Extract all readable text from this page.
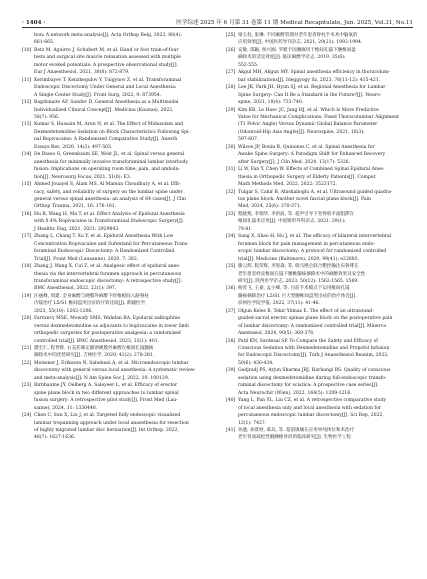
· 1404 ·	医学综述 2025 年 6 月第 31 卷第 11 期 Medical Recapitulate, Jun. 2025, Vol.31, No.11
tion: A network meta-analysis[J]. Acta Orthop Belg, 2022, 88(4):
661-665.
[10] Betz M, Aguirre J, Schubert M, et al. Hand or foot train-of-four
tests and surgical site muscle relaxation assessed with multiple
motor evoked potentials: A prospective observational study[J].
Eur J Anaesthesiol, 2021, 38(8): 872-879.
[11] Kerimbayev T, Kenzhegulov Y, Tuigynov Z, et al. Transforaminal
Endoscopic Discectomy Under General and Local Anesthesia:
A Single-Center Study[J]. Front Surg, 2022, 9: 873954.
[12] Bagdonaite AF, Sandec D. General Anesthesia as a Multimodal
Individualized Clinical Concept[J]. Medicina (Kaunas), 2022,
58(7): 956.
[13] Kumar S, Hussain M, Arun N, et al. The Effect of Midazolam and
Dexmedetomidine Sedation on Block Characteristics Following Spi-
nal Bupivacaine: A Randomized Comparative Study[J]. Anesth
Essays Res, 2020, 14(3): 497-503.
[14] De Basso G, Greenbaum SE, West JL, et al. Spinal versus general
anesthesia for minimally invasive transforaminal lumbar interbody
fusion: Implications on operating room time, pain, and ambula-
tion[J]. Neurosurg Focus, 2021, 51(6): E3.
[15] Ahmed Jouayel S, Alam MS, Al Mamun Choudhury A, et al. Effi-
cacy, safety, and reliability of surgery on the lumbar spine under
general versus spinal anesthesia: an analysis of 64 cases[J]. J Clin
Orthop Trauma, 2021, 16: 176-181.
[16] Hu B, Wang H, Ma T, et al. Effect Analysis of Epidural Anesthesia
with 0.4% Ropivacaine in Transforaminal Endoscopic Surgery[J].
J Healthc Eng, 2021, 2021: 2929843.
[17] Zhang L, Chang T, Xu Y, et al. Epidural Anesthesia With Low
Concentration Ropivacaine and Sufentanil for Percutaneous Trans-
foraminal Endoscopic Discectomy: A Randomized Controlled
Trial[J]. Front Med (Lausanne), 2020, 7: 362.
[18] Zhang J, Wang X, Cui Z, et al. Analgesic effect of epidural anes-
thesia via the intervertebral foramen approach in percutaneous
transforaminal endoscopic discectomy: A retrospective study[J].
BMC Anesthesiol, 2022, 22(1): 397.
[19] 汪丽峰, 周建. 全身麻醉与硬膜外麻醉下经椎板间入路脊柱
内镜治疗 L5/S1 椎间盘突出症的疗效比较[J]. 新疆医学,
2023, 55(10): 1202-1206.
[20] Farrancy MSE, Mowafy SMS, Wahdan RA. Epidural nalbuphine
versus dexmedetomidine as adjuvants to bupivacaine in lower limb
orthopedic surgeries for postoperative analgesia: a randomized
controlled trial[J]. BMC Anesthesiol, 2023, 23(1): 401.
[21] 濮宏仁, 程世辉. 右美托咪定辅助硬膜外麻醉在椎间孔镜髓核
摘除术中的优势研究[J]. 吉林医学, 2020, 41(2): 278-281.
[22] Meissner J, Eriksson N, Sahebani A, et al. Microendoscopic lumbar
discectomy with general versus local anesthesia: A systematic review
and meta-analysis[J]. N Am Spine Soc J, 2022, 10: 100129.
[23] Birnbaume JY, Oelberg A, Saleyeer L, et al. Efficacy of erector
spine plane block in two different approaches to lumbar spinal
fusion surgery: A retrospective pilot study[J]. Front Med (Lau-
sanne), 2024, 11: 1330446.
[24] Chen C, Sun X, Liu J, et al. Targeted fully endoscopic visualized
laminar trepanning approach under local anaesthesia for resection
of highly migrated lumbar disc herniation[J]. Int Orthop, 2022,
46(7): 1627-1636.
[25] 梁玉柱, 张琳. 不同麻醉管理对老年患者脊柱手术术中脑氧的
应用效果[J]. 中国医药导刊杂志, 2021, 29(21): 1992-1994.
[26] 安敏, 邵颖, 侯兴刚. 罗哌卡因腰麻用于椎间孔镜下腰椎间盘
摘除术的适宜效度[J]. 临床麻醉学杂志, 2019, 35(6):
552-555.
[27] Akgul MH, Akgun MY. Spinal anesthesia efficiency in thoracolum-
bar stabilizations[J]. Ideggyogy Sz, 2023, 76(11-12): 415-421.
[28] Lee JK, Park JH, Hyun SJ, et al. Regional Anesthesia for Lumbar
Spine Surgery: Can It Be a Standard in the Future?[J]. Neuro-
spine, 2021, 18(4): 733-740.
[29] Kim KB, Le Huec JC, Jang HJ, et al. Which Is More Predictive
Value for Mechanical Complications: Fixed Thoracolumbar Alignment
(T1 Pelvic Angle) Versus Dynamic Global Balance Parameter
(Odontoid-Hip Axis Angle)[J]. Neurospine, 2021, 18(3):
597-607.
[30] Wilson JP, Bonin B, Quinones C, et al. Spinal Anesthesia for
Awake Spine Surgery: A Paradigm Shift for Enhanced Recovery
after Surgery[J]. J Clin Med, 2024, 13(17): 5326.
[31] Li W, Fan Y, Chen W. Effects of Combined Spinal Epidural Anes-
thesia in Orthopedic Surgery of Elderly Patients[J]. Comput
Math Methods Med, 2022, 2022: 3523172.
[32] Tulgar S, Cakir B, Ahiskalioglu A, et al. Ultrasound guided quadra-
tus plane block: Another novel fascial plane block[J]. Pain
Med, 2024, 25(6): 370-371.
[33] 程晓燕, 李瑞华, 李洪波, 等. 超声引导下竖脊肌平面阻滞在
椎间孔镜术应用[J]. 中国矫形外科杂志, 2021, 29(1):
79-81.
[34] Sang X, Shao H, Hu J, et al. The efficacy of bilateral intervertebral
foramen block for pain management in percutaneous endo-
scopic lumbar discectomy: A protocol for randomized controlled
trial[J]. Medicine (Baltimore), 2020, 99(41): e22693.
[35] 滕云辉, 程荣辉, 李进森, 等. 瑞马唑仑联合靶控输注布鲁啡在
老年患者经皮椎间孔镜下腰椎髓核摘除术中的麻醉效果及安全性
研究[J]. 陕西医学杂志, 2023, 50(12): 1562-1565, 1569.
[36] 杨善飞, 王嘉, 孟小峰, 等. 目前手术模式下运用椎间孔镜
髓核摘除治疗 L5/S1 巨大型腰椎间盘突出症的治疗体会[J].
滨州医学院学报, 2022, 37(11): 41-46.
[37] Olgun Keles B, Tekir Yilmaz E. The effect of an ultrasound-
guided sacral erector spinae plane block on the postoperative pain
of lumbar discectomy: A randomized controlled trial[J]. Minerva
Anestesiol, 2024, 90(5): 369-376.
[38] Patil KN, Sardesai SP. To Compare the Safety and Efficacy of
Conscious Sedation with Dexmedetomidine and Propofol Infusion
for Endoscopic Discectomy[J]. Turk J Anaesthesiol Reanim, 2022,
50(6): 430-434.
[39] Gadjradj PS, Arjun Sharma JRJ, Harhangi BS. Quality of conscious
sedation using dexmedetomidine during full-endoscopic transfo-
raminal discectomy for sciatica: A prospective case series[J].
Acta Neurochir (Wien), 2022, 164(5): 1209-1216.
[40] Yang L, Pan YL, Liu CZ, et al. A retrospective comparative study
of local anesthesia only and local anesthesia with sedation for
percutaneous endoscopic lumbar discectomy[J]. Sci Rep, 2022,
12(1): 7427.
[41] 孙逢, 孙景财, 葛岛, 等. 超前镇痛在应用单纯体位和术治疗
老年骨质疏松性胸腰椎骨折的临床研究[J]. 生物医学工程
